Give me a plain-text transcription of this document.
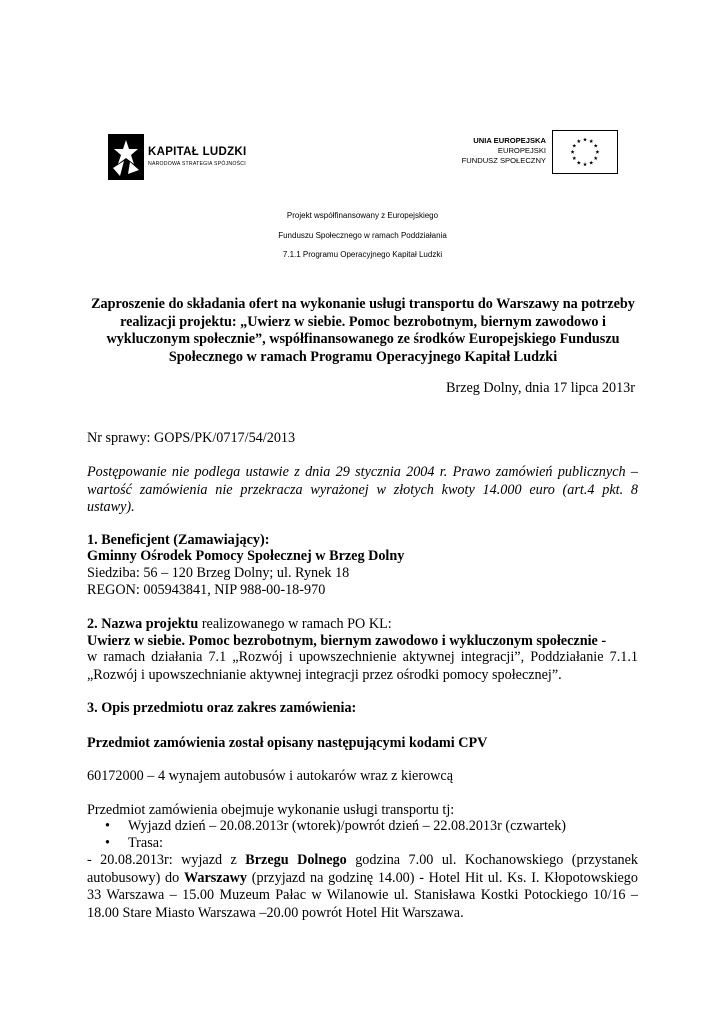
KAPITAŁ LUDZKI
NARODOWA STRATEGIA SPÓJNOŚCI
UNIA EUROPEJSKA
EUROPEJSKI
FUNDUSZ SPOŁECZNY
Projekt współfinansowany z Europejskiego
Funduszu Społecznego w ramach Poddziałania
7.1.1 Programu Operacyjnego Kapitał Ludzki
Zaproszenie do składania ofert na wykonanie usługi transportu do Warszawy na potrzeby realizacji projektu: „Uwierz w siebie. Pomoc bezrobotnym, biernym zawodowo i wykluczonym społecznie”, współfinansowanego ze środków Europejskiego Funduszu Społecznego w ramach Programu Operacyjnego Kapitał Ludzki
Brzeg Dolny, dnia 17 lipca 2013r
Nr sprawy: GOPS/PK/0717/54/2013
Postępowanie nie podlega ustawie z dnia 29 stycznia 2004 r. Prawo zamówień publicznych – wartość zamówienia nie przekracza wyrażonej w złotych kwoty 14.000 euro (art.4 pkt. 8 ustawy).
1. Beneficjent (Zamawiający):
Gminny Ośrodek Pomocy Społecznej w Brzeg Dolny
Siedziba: 56 – 120 Brzeg Dolny; ul. Rynek 18
REGON: 005943841, NIP 988-00-18-970
2. Nazwa projektu realizowanego w ramach PO KL:
Uwierz w siebie. Pomoc bezrobotnym, biernym zawodowo i wykluczonym społecznie -
w ramach działania 7.1 „Rozwój i upowszechnienie aktywnej integracji”, Poddziałanie 7.1.1 „Rozwój i upowszechnianie aktywnej integracji przez ośrodki pomocy społecznej”.
3. Opis przedmiotu oraz zakres zamówienia:
Przedmiot zamówienia został opisany następującymi kodami CPV
60172000 – 4 wynajem autobusów i autokarów wraz z kierowcą
Przedmiot zamówienia obejmuje wykonanie usługi transportu tj:
• Wyjazd dzień – 20.08.2013r (wtorek)/powrót dzień – 22.08.2013r (czwartek)
• Trasa:
- 20.08.2013r: wyjazd z Brzegu Dolnego godzina 7.00 ul. Kochanowskiego (przystanek autobusowy) do Warszawy (przyjazd na godzinę 14.00) - Hotel Hit ul. Ks. I. Kłopotowskiego 33 Warszawa – 15.00 Muzeum Pałac w Wilanowie ul. Stanisława Kostki Potockiego 10/16 – 18.00 Stare Miasto Warszawa –20.00 powrót Hotel Hit Warszawa.
